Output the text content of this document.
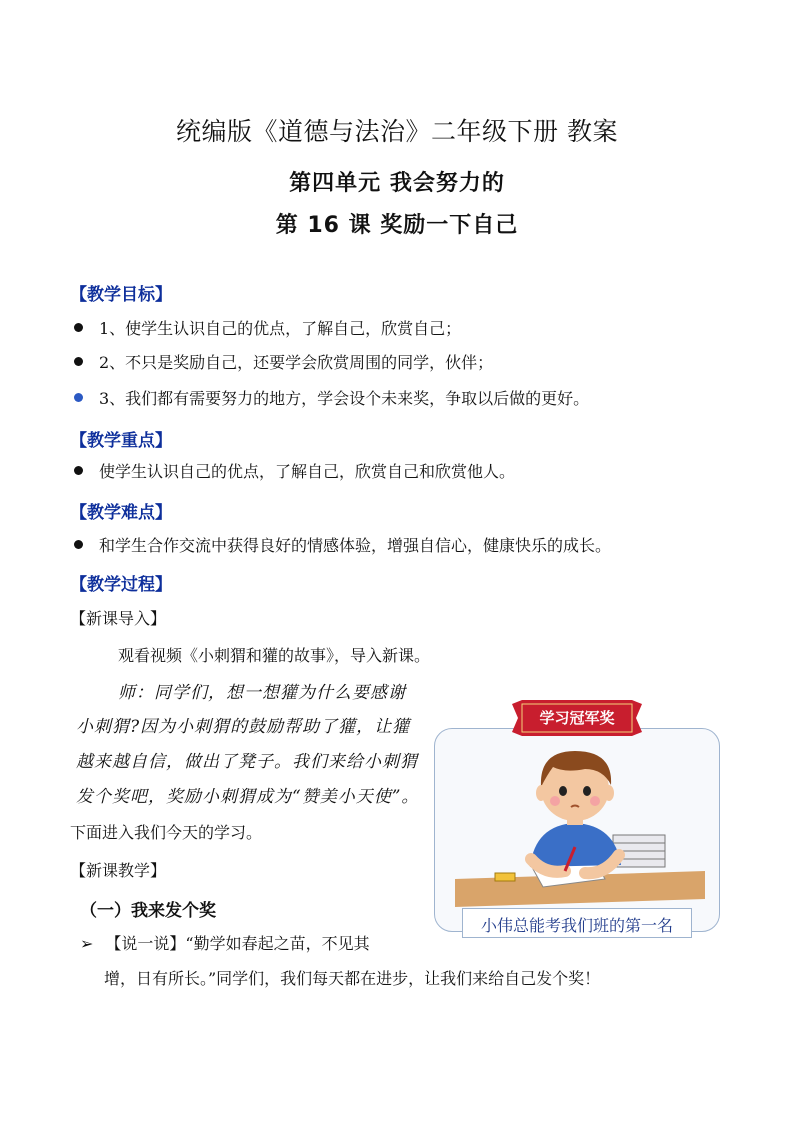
统编版《道德与法治》二年级下册 教案
第四单元 我会努力的
第 16 课 奖励一下自己
【教学目标】
1、使学生认识自己的优点，了解自己，欣赏自己；
2、不只是奖励自己，还要学会欣赏周围的同学，伙伴；
3、我们都有需要努力的地方，学会设个未来奖，争取以后做的更好。
【教学重点】
使学生认识自己的优点，了解自己，欣赏自己和欣赏他人。
【教学难点】
和学生合作交流中获得良好的情感体验，增强自信心，健康快乐的成长。
【教学过程】
【新课导入】
观看视频《小刺猬和獾的故事》，导入新课。
师：同学们，想一想獾为什么要感谢
小刺猬?因为小刺猬的鼓励帮助了獾，让獾
越来越自信，做出了凳子。我们来给小刺猬
发个奖吧，奖励小刺猬成为“赞美小天使”。
下面进入我们今天的学习。
【新课教学】
（一）我来发个奖
➢ 【说一说】“勤学如春起之苗，不见其
增，日有所长。”同学们，我们每天都在进步，让我们来给自己发个奖！
学习冠军奖
小伟总能考我们班的第一名
